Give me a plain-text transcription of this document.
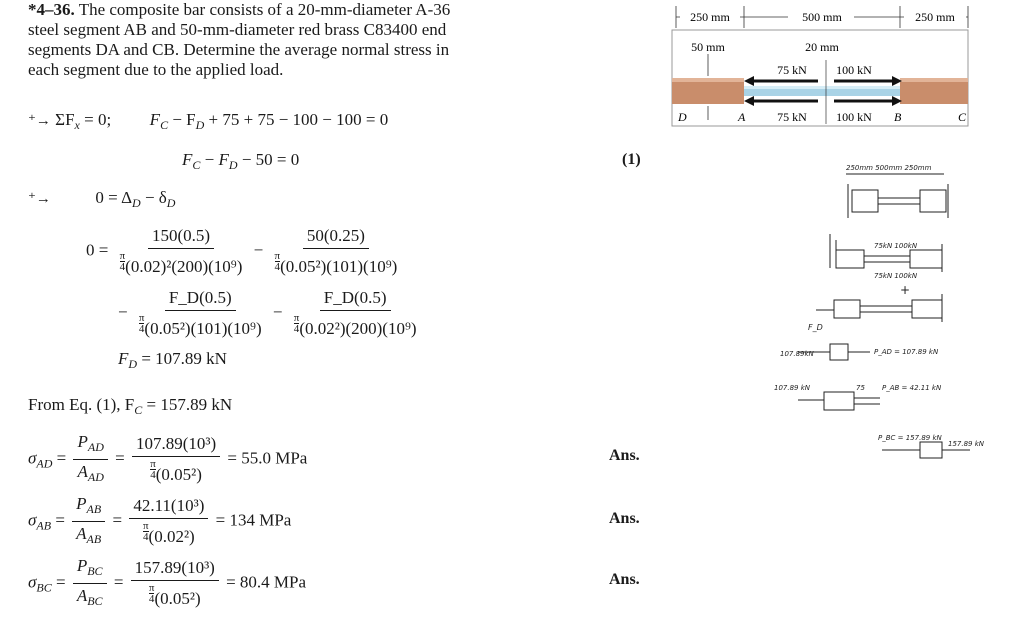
*4–36. The composite bar consists of a 20-mm-diameter A-36 steel segment AB and 50-mm-diameter red brass C83400 end segments DA and CB. Determine the average normal stress in each segment due to the applied load.
⁺→ $\Sigma F_x = 0$; $F_C - F_D + 75 + 75 - 100 - 100 = 0$
$F_C - F_D - 50 = 0$	(1)
⁺→	$0 = \Delta_D - \delta_D$
$0 = \frac{150(0.5)}{\frac{\pi}{4} (0.02)^2(200)(10^9)} - \frac{50(0.25)}{\frac{\pi}{4} (0.05^2)(101)(10^9)}$
− $\frac{F\_D(0.5)}{\frac{\pi}{4} (0.05^2)(101)(10^9)} - \frac{F\_D(0.5)}{\frac{\pi}{4} (0.02^2)(200)(10^9)}$
$F_D = 107.89$ kN
From Eq. (1), $F_C = 157.89$ kN
$\sigma_{AD} = \frac{P_{AD}}{A_{AD}} = \frac{\text{107.89(10³)}}{\frac{\pi}{4} (0.05^2)} = 55.0$ MPa	Ans.
$\sigma_{AB} = \frac{P_{AB}}{A_{AB}} = \frac{\text{42.11(10³)}}{\frac{\pi}{4} (0.02^2)} = 134$ MPa	Ans.
$\sigma_{BC} = \frac{P_{BC}}{A_{BC}} = \frac{\text{157.89(10³)}}{\frac{\pi}{4} (0.05^2)} = 80.4$ MPa	Ans.
250 mm	500 mm	250 mm
50 mm	20 mm
75 kN 100 kN
75 kN 100 kN
D	A	B	C
250mm 500mm 250mm
75kN 100kN
75kN 100kN
+
F_D
107.89kN	P_AD = 107.89 kN
107.89 kN	75 P_AB = 42.11 kN
P_BC = 157.89 kN
157.89 kN
